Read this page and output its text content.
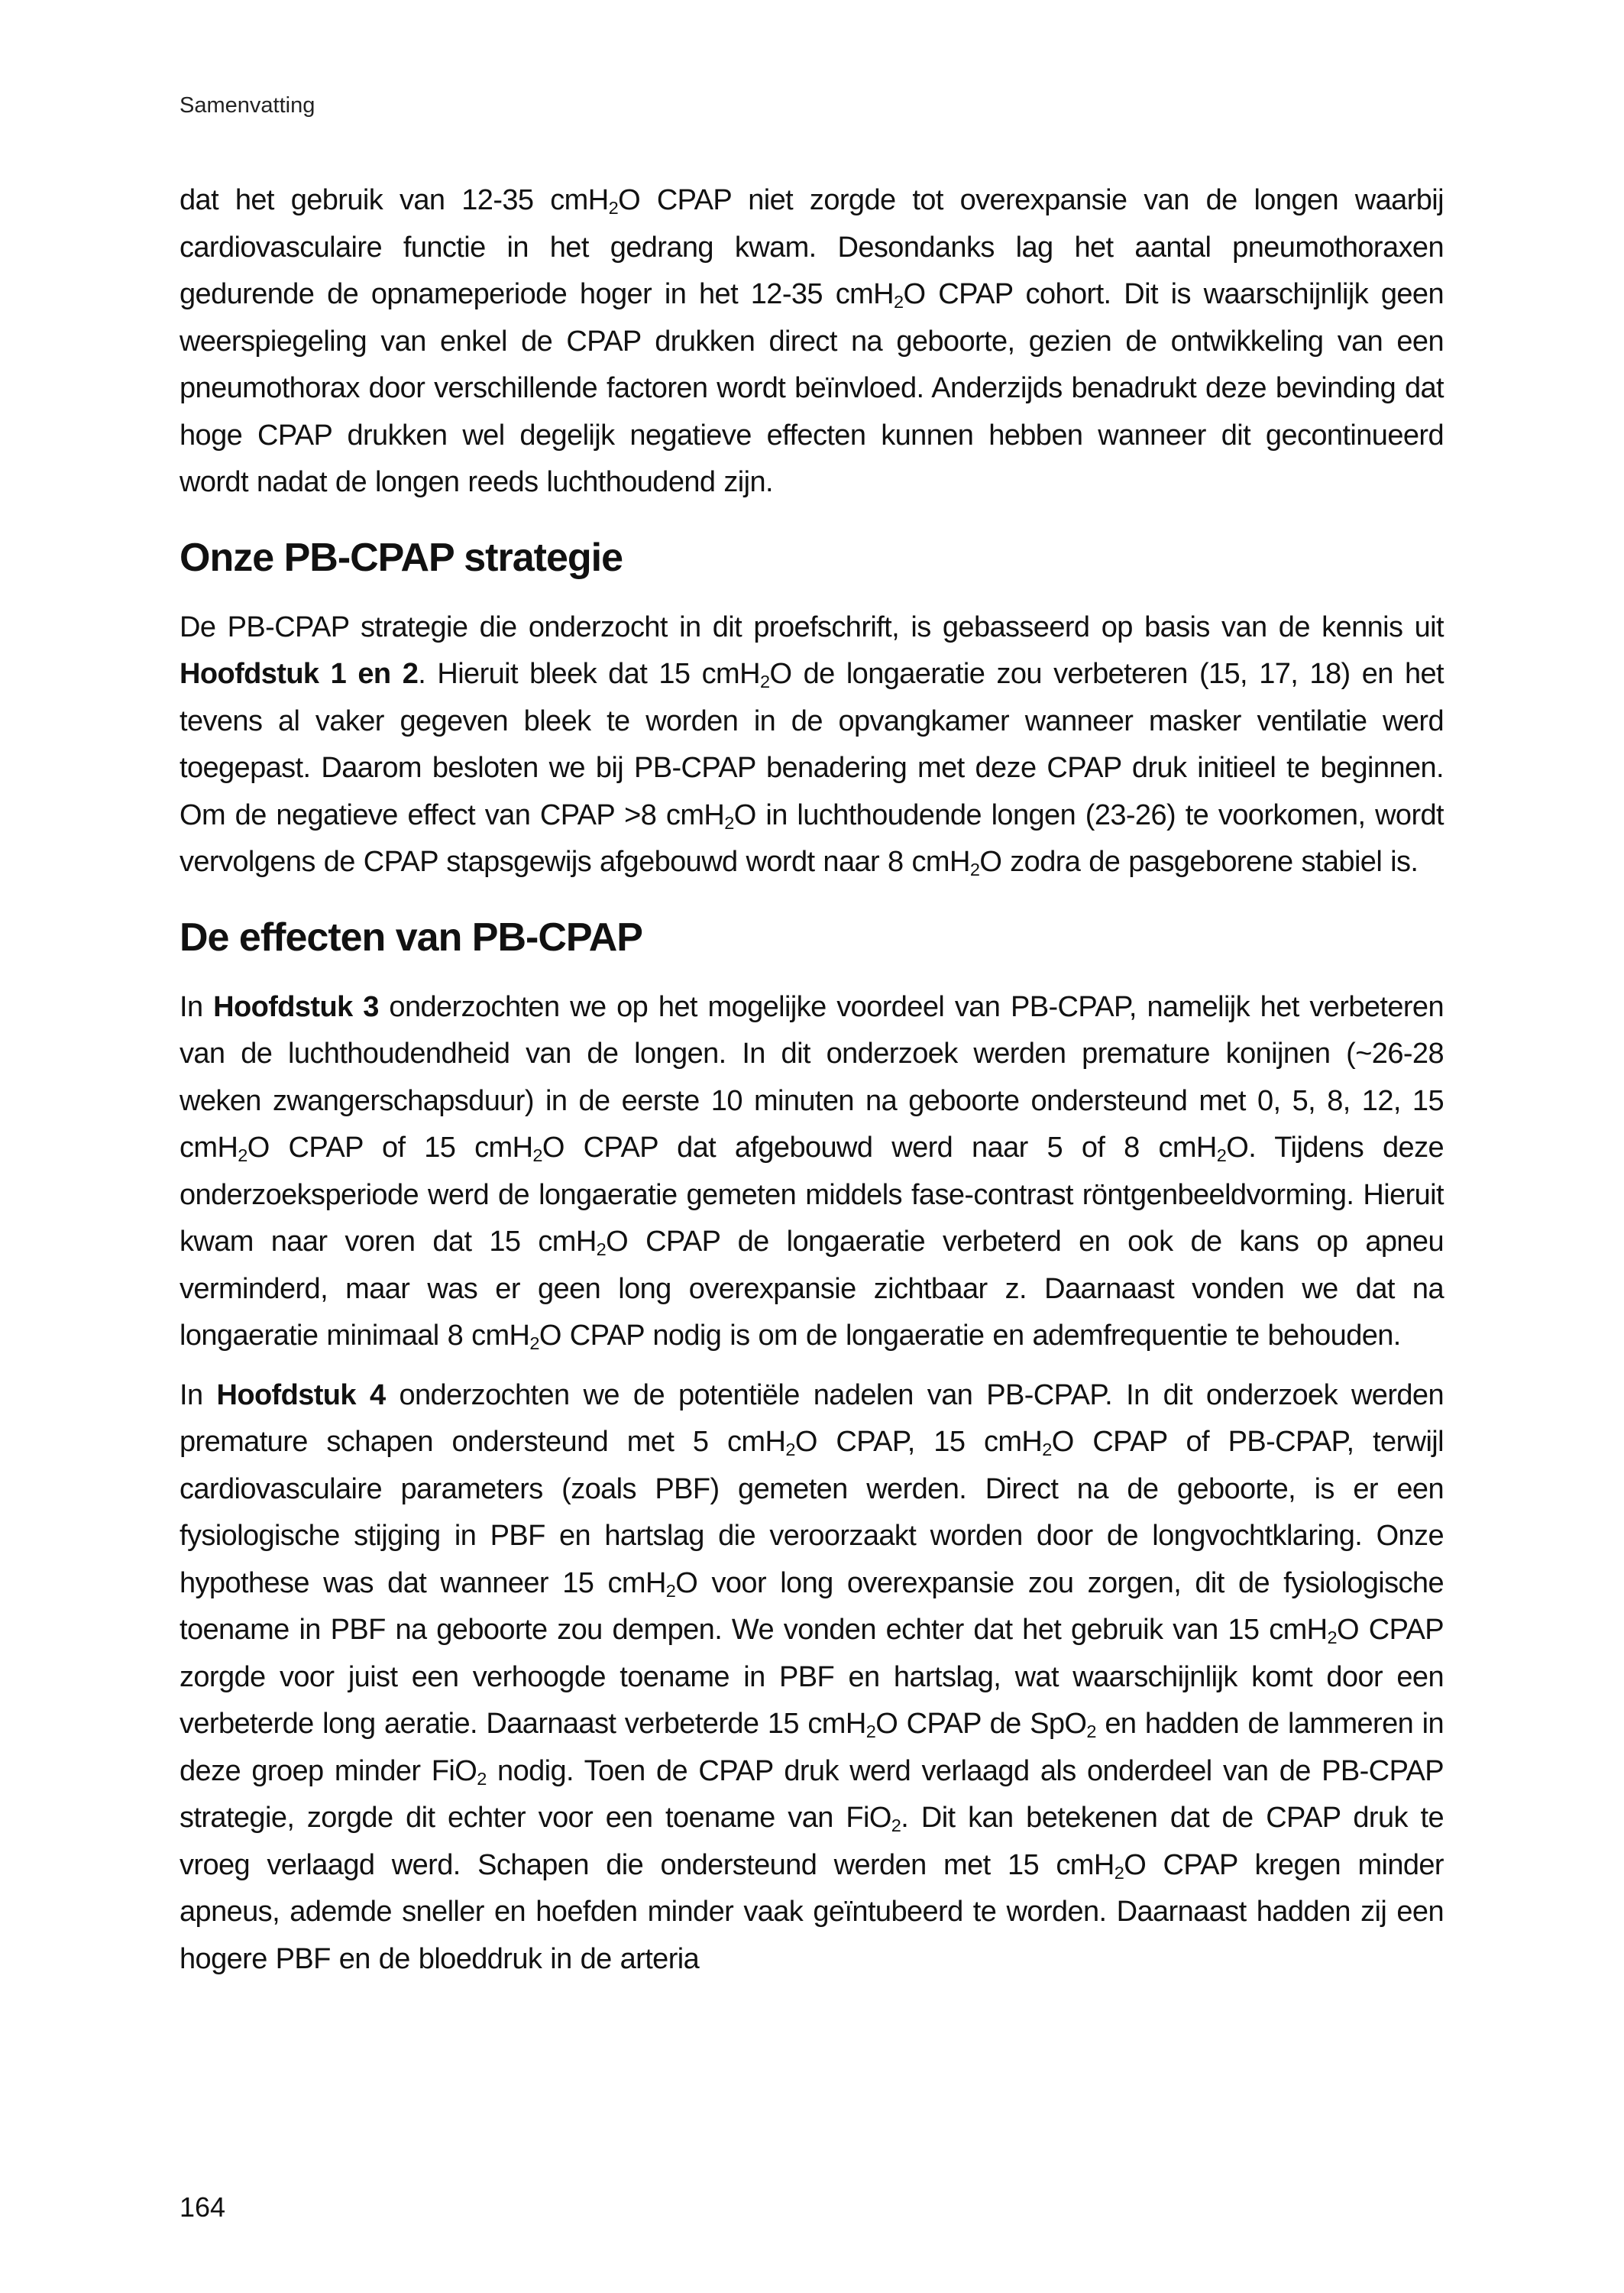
Samenvatting

dat het gebruik van 12-35 cmH$_2$O CPAP niet zorgde tot overexpansie van de longen waarbij cardiovasculaire functie in het gedrang kwam. Desondanks lag het aantal pneumothoraxen gedurende de opnameperiode hoger in het 12-35 cmH$_2$O CPAP cohort. Dit is waarschijnlijk geen weerspiegeling van enkel de CPAP drukken direct na geboorte, gezien de ontwikkeling van een pneumothorax door verschillende factoren wordt beïnvloed. Anderzijds benadrukt deze bevinding dat hoge CPAP drukken wel degelijk negatieve effecten kunnen hebben wanneer dit gecontinueerd wordt nadat de longen reeds luchthoudend zijn.

Onze PB-CPAP strategie

De PB-CPAP strategie die onderzocht in dit proefschrift, is gebasseerd op basis van de kennis uit Hoofdstuk 1 en 2. Hieruit bleek dat 15 cmH$_2$O de longaeratie zou verbeteren (15, 17, 18) en het tevens al vaker gegeven bleek te worden in de opvangkamer wanneer masker ventilatie werd toegepast. Daarom besloten we bij PB-CPAP benadering met deze CPAP druk initieel te beginnen. Om de negatieve effect van CPAP >8 cmH$_2$O in luchthoudende longen (23-26) te voorkomen, wordt vervolgens de CPAP stapsgewijs afgebouwd wordt naar 8 cmH$_2$O zodra de pasgeborene stabiel is.

De effecten van PB-CPAP

In Hoofdstuk 3 onderzochten we op het mogelijke voordeel van PB-CPAP, namelijk het verbeteren van de luchthoudendheid van de longen. In dit onderzoek werden premature konijnen (~26-28 weken zwangerschapsduur) in de eerste 10 minuten na geboorte ondersteund met 0, 5, 8, 12, 15 cmH$_2$O CPAP of 15 cmH$_2$O CPAP dat afgebouwd werd naar 5 of 8 cmH$_2$O. Tijdens deze onderzoeksperiode werd de longaeratie gemeten middels fase-contrast röntgenbeeldvorming. Hieruit kwam naar voren dat 15 cmH$_2$O CPAP de longaeratie verbeterd en ook de kans op apneu verminderd, maar was er geen long overexpansie zichtbaar z. Daarnaast vonden we dat na longaeratie minimaal 8 cmH$_2$O CPAP nodig is om de longaeratie en ademfrequentie te behouden.

In Hoofdstuk 4 onderzochten we de potentiële nadelen van PB-CPAP. In dit onderzoek werden premature schapen ondersteund met 5 cmH$_2$O CPAP, 15 cmH$_2$O CPAP of PB-CPAP, terwijl cardiovasculaire parameters (zoals PBF) gemeten werden. Direct na de geboorte, is er een fysiologische stijging in PBF en hartslag die veroorzaakt worden door de longvochtklaring. Onze hypothese was dat wanneer 15 cmH$_2$O voor long overexpansie zou zorgen, dit de fysiologische toename in PBF na geboorte zou dempen. We vonden echter dat het gebruik van 15 cmH$_2$O CPAP zorgde voor juist een verhoogde toename in PBF en hartslag, wat waarschijnlijk komt door een verbeterde long aeratie. Daarnaast verbeterde 15 cmH$_2$O CPAP de SpO$_2$ en hadden de lammeren in deze groep minder FiO$_2$ nodig. Toen de CPAP druk werd verlaagd als onderdeel van de PB-CPAP strategie, zorgde dit echter voor een toename van FiO$_2$. Dit kan betekenen dat de CPAP druk te vroeg verlaagd werd. Schapen die ondersteund werden met 15 cmH$_2$O CPAP kregen minder apneus, ademde sneller en hoefden minder vaak geïntubeerd te worden. Daarnaast hadden zij een hogere PBF en de bloeddruk in de arteria

164
